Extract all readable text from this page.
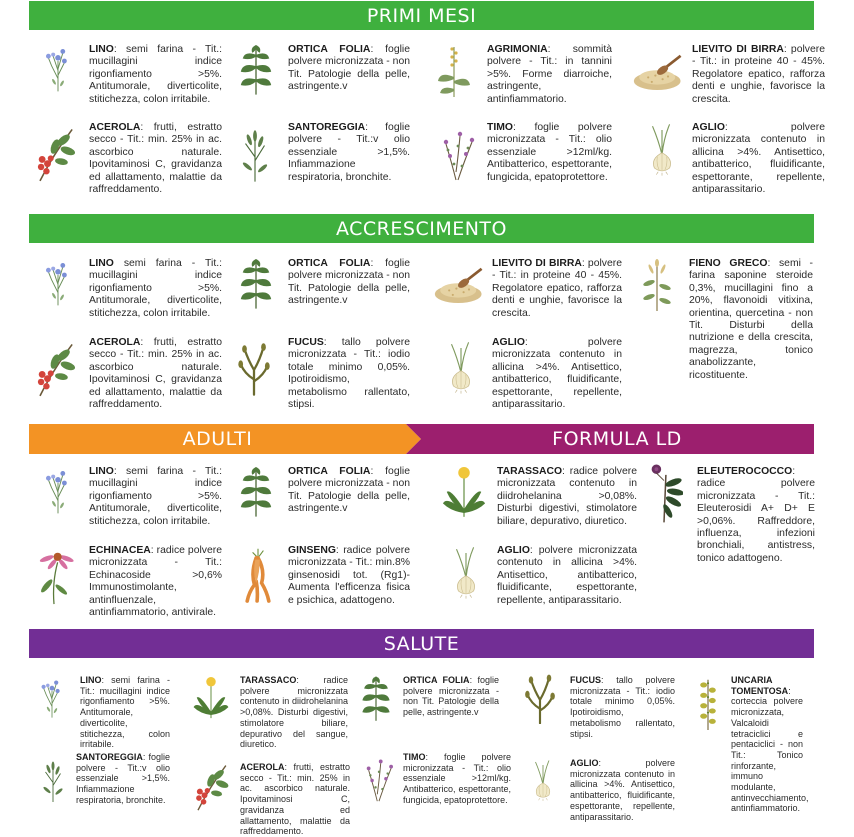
PRIMI MESI
LINO: semi farina - Tit.: mucillagini indice rigonfiamento >5%. Antitumorale, diverticolite, stitichezza, colon irritabile.
ORTICA FOLIA: foglie polvere micronizzata - non Tit. Patologie della pelle, astringente.v
AGRIMONIA: sommità polvere - Tit.: in tannini >5%. Forme diarroiche, astringente, antinfiammatorio.
LIEVITO DI BIRRA: polvere - Tit.: in proteine 40 - 45%. Regolatore epatico, rafforza denti e unghie, favorisce la crescita.
ACEROLA: frutti, estratto secco - Tit.: min. 25% in ac. ascorbico naturale. Ipovitaminosi C, gravidanza ed allattamento, malattie da raffreddamento.
SANTOREGGIA: foglie polvere - Tit.:v olio essenziale >1,5%. Infiammazione respiratoria, bronchite.
TIMO: foglie polvere micronizzata - Tit.: olio essenziale >12ml/kg. Antibatterico, espettorante, fungicida, epatoprotettore.
AGLIO: polvere micronizzata contenuto in allicina >4%. Antisettico, antibatterico, fluidificante, espettorante, repellente, antiparassitario.
ACCRESCIMENTO
LINO semi farina - Tit.: mucillagini indice rigonfiamento >5%. Antitumorale, diverticolite, stitichezza, colon irritabile.
ORTICA FOLIA: foglie polvere micronizzata - non Tit. Patologie della pelle, astringente.v
LIEVITO DI BIRRA: polvere - Tit.: in proteine 40 - 45%. Regolatore epatico, rafforza denti e unghie, favorisce la crescita.
FIENO GRECO: semi - farina saponine steroide 0,3%, mucillagini fino a 20%, flavonoidi vitixina, orientina, quercetina - non Tit. Disturbi della nutrizione e della crescita, magrezza, tonico anabolizzante, ricostituente.
ACEROLA: frutti, estratto secco - Tit.: min. 25% in ac. ascorbico naturale. Ipovitaminosi C, gravidanza ed allattamento, malattie da raffreddamento.
FUCUS: tallo polvere micronizzata - Tit.: iodio totale minimo 0,05%. Ipotiroidismo, metabolismo rallentato, stipsi.
AGLIO: polvere micronizzata contenuto in allicina >4%. Antisettico, antibatterico, fluidificante, espettorante, repellente, antiparassitario.
ADULTI	FORMULA LD
LINO: semi farina - Tit.: mucillagini indice rigonfiamento >5%. Antitumorale, diverticolite, stitichezza, colon irritabile.
ORTICA FOLIA: foglie polvere micronizzata - non Tit. Patologie della pelle, astringente.v
TARASSACO: radice polvere micronizzata contenuto in diidrohelanina >0,08%. Disturbi digestivi, stimolatore biliare, depurativo, diuretico.
ELEUTEROCOCCO: radice polvere micronizzata - Tit.: Eleuterosidi A+ D+ E >0,06%. Raffreddore, influenza, infezioni bronchiali, antistress, tonico adattogeno.
ECHINACEA: radice polvere micronizzata - Tit.: Echinacoside >0,6% Immunostimolante, antinfluenzale, antinfiammatorio, antivirale.
GINSENG: radice polvere micronizzata - Tit.: min.8% ginsenosidi tot. (Rg1)- Aumenta l'efficenza fisica e psichica, adattogeno.
AGLIO: polvere micronizzata contenuto in allicina >4%. Antisettico, antibatterico, fluidificante, espettorante, repellente, antiparassitario.
SALUTE
LINO: semi farina - Tit.: mucillagini indice rigonfiamento >5%. Antitumorale, diverticolite, stitichezza, colon irritabile.
TARASSACO: radice polvere micronizzata contenuto in diidrohelanina >0,08%. Disturbi digestivi, stimolatore biliare, depurativo del sangue, diuretico.
ORTICA FOLIA: foglie polvere micronizzata - non Tit. Patologie della pelle, astringente.v
FUCUS: tallo polvere micronizzata - Tit.: iodio totale minimo 0,05%. Ipotiroidismo, metabolismo rallentato, stipsi.
UNCARIA TOMENTOSA: corteccia polvere micronizzata, Valcaloidi tetraciclici e pentaciclici - non Tit.: Tonico rinforzante, immuno modulante, antinvecchiamento, antinfiammatorio.
SANTOREGGIA: foglie polvere - Tit.:v olio essenziale >1,5%. Infiammazione respiratoria, bronchite.
ACEROLA: frutti, estratto secco - Tit.: min. 25% in ac. ascorbico naturale. Ipovitaminosi C, gravidanza ed allattamento, malattie da raffreddamento.
TIMO: foglie polvere micronizzata - Tit.: olio essenziale >12ml/kg. Antibatterico, espettorante, fungicida, epatoprotettore.
AGLIO: polvere micronizzata contenuto in allicina >4%. Antisettico, antibatterico, fluidificante, espettorante, repellente, antiparassitario.
